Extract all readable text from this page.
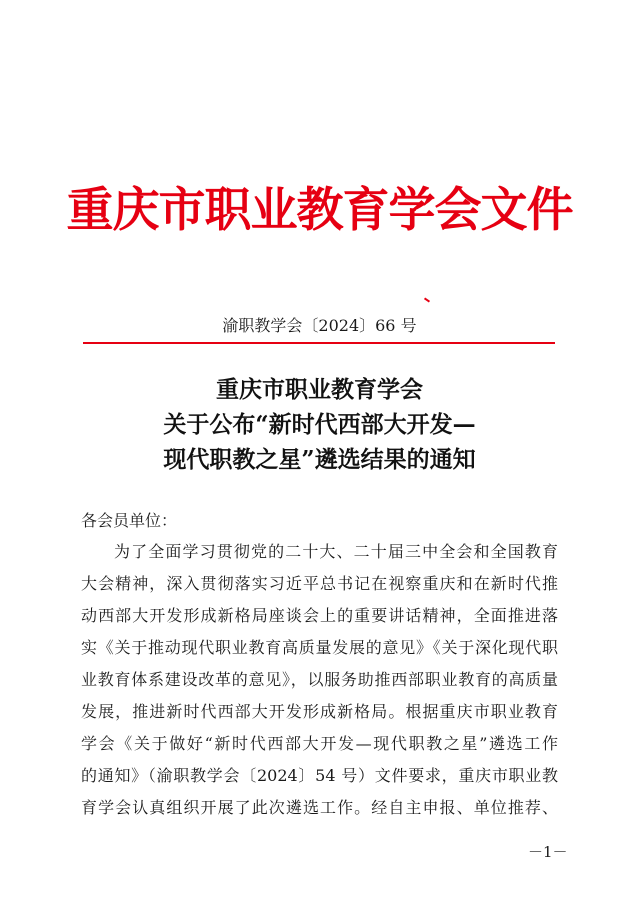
重庆市职业教育学会文件
渝职教学会〔2024〕66 号
重庆市职业教育学会
关于公布“新时代西部大开发—
现代职教之星”遴选结果的通知
各会员单位：
为了全面学习贯彻党的二十大、二十届三中全会和全国教育
大会精神，深入贯彻落实习近平总书记在视察重庆和在新时代推
动西部大开发形成新格局座谈会上的重要讲话精神，全面推进落
实《关于推动现代职业教育高质量发展的意见》《关于深化现代职
业教育体系建设改革的意见》，以服务助推西部职业教育的高质量
发展，推进新时代西部大开发形成新格局。根据重庆市职业教育
学会《关于做好“新时代西部大开发—现代职教之星”遴选工作
的通知》（渝职教学会〔2024〕54 号）文件要求，重庆市职业教
育学会认真组织开展了此次遴选工作。经自主申报、单位推荐、
－1－
